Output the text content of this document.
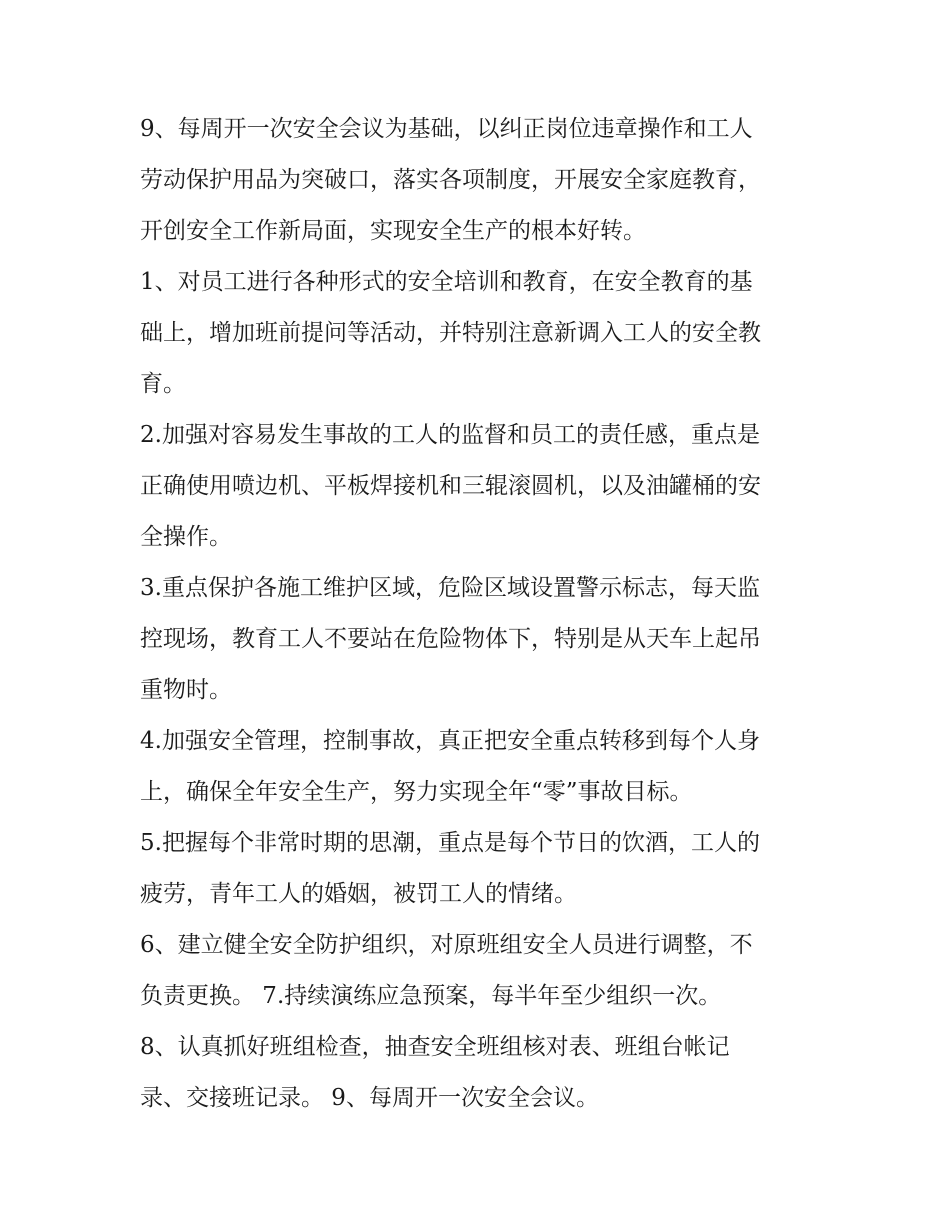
9、每周开一次安全会议为基础，以纠正岗位违章操作和工人
劳动保护用品为突破口，落实各项制度，开展安全家庭教育，
开创安全工作新局面，实现安全生产的根本好转。

1、对员工进行各种形式的安全培训和教育，在安全教育的基
础上，增加班前提问等活动，并特别注意新调入工人的安全教
育。

2.加强对容易发生事故的工人的监督和员工的责任感，重点是
正确使用喷边机、平板焊接机和三辊滚圆机，以及油罐桶的安
全操作。

3.重点保护各施工维护区域，危险区域设置警示标志，每天监
控现场，教育工人不要站在危险物体下，特别是从天车上起吊
重物时。

4.加强安全管理，控制事故，真正把安全重点转移到每个人身
上，确保全年安全生产，努力实现全年“零”事故目标。

5.把握每个非常时期的思潮，重点是每个节日的饮酒，工人的
疲劳，青年工人的婚姻，被罚工人的情绪。

6、建立健全安全防护组织，对原班组安全人员进行调整，不
负责更换。 7.持续演练应急预案，每半年至少组织一次。

8、认真抓好班组检查，抽查安全班组核对表、班组台帐记
录、交接班记录。 9、每周开一次安全会议。
